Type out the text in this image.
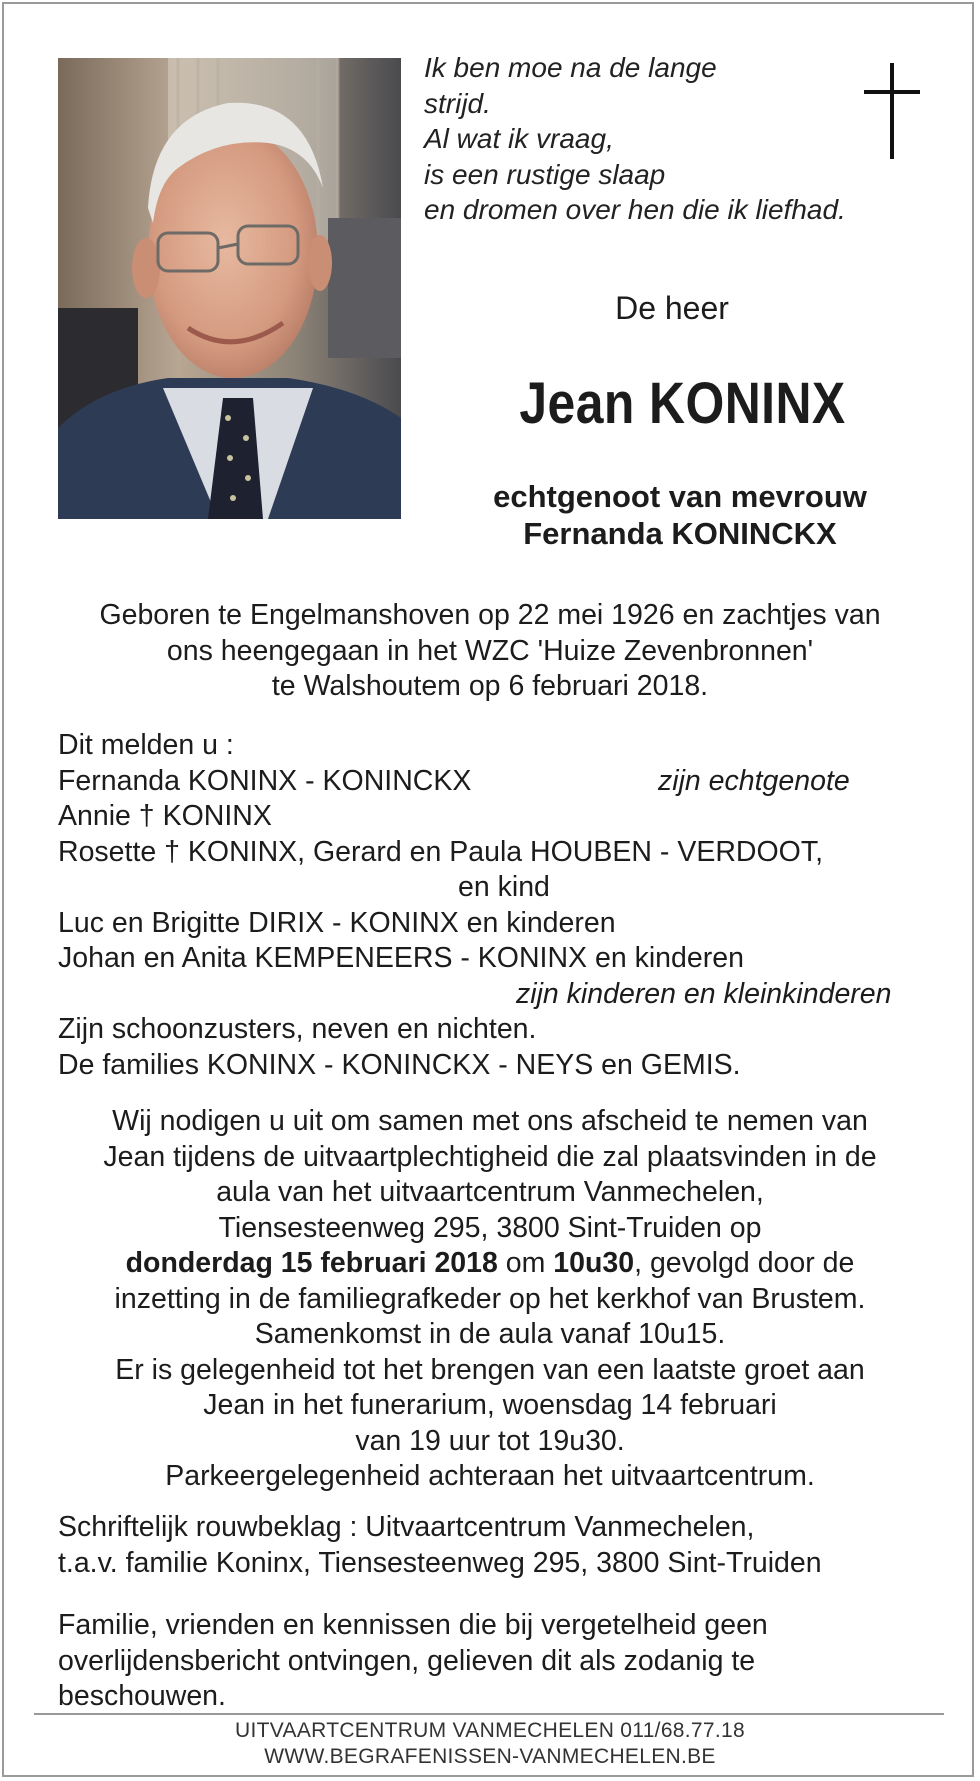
Ik ben moe na de lange
strijd.
Al wat ik vraag,
is een rustige slaap
en dromen over hen die ik liefhad.
De heer
Jean KONINX
echtgenoot van mevrouw
Fernanda KONINCKX
Geboren te Engelmanshoven op 22 mei 1926 en zachtjes van
ons heengegaan in het WZC 'Huize Zevenbronnen'
te Walshoutem op 6 februari 2018.
Dit melden u :
Fernanda KONINX - KONINCKX	zijn echtgenote
Annie † KONINX
Rosette † KONINX, Gerard en Paula HOUBEN - VERDOOT,
en kind
Luc en Brigitte DIRIX - KONINX en kinderen
Johan en Anita KEMPENEERS - KONINX en kinderen
zijn kinderen en kleinkinderen
Zijn schoonzusters, neven en nichten.
De families KONINX - KONINCKX - NEYS en GEMIS.
Wij nodigen u uit om samen met ons afscheid te nemen van
Jean tijdens de uitvaartplechtigheid die zal plaatsvinden in de
aula van het uitvaartcentrum Vanmechelen,
Tiensesteenweg 295, 3800 Sint-Truiden op
donderdag 15 februari 2018 om 10u30, gevolgd door de
inzetting in de familiegrafkeder op het kerkhof van Brustem.
Samenkomst in de aula vanaf 10u15.
Er is gelegenheid tot het brengen van een laatste groet aan
Jean in het funerarium, woensdag 14 februari
van 19 uur tot 19u30.
Parkeergelegenheid achteraan het uitvaartcentrum.
Schriftelijk rouwbeklag : Uitvaartcentrum Vanmechelen,
t.a.v. familie Koninx, Tiensesteenweg 295, 3800 Sint-Truiden
Familie, vrienden en kennissen die bij vergetelheid geen
overlijdensbericht ontvingen, gelieven dit als zodanig te
beschouwen.
UITVAARTCENTRUM VANMECHELEN 011/68.77.18
WWW.BEGRAFENISSEN-VANMECHELEN.BE
